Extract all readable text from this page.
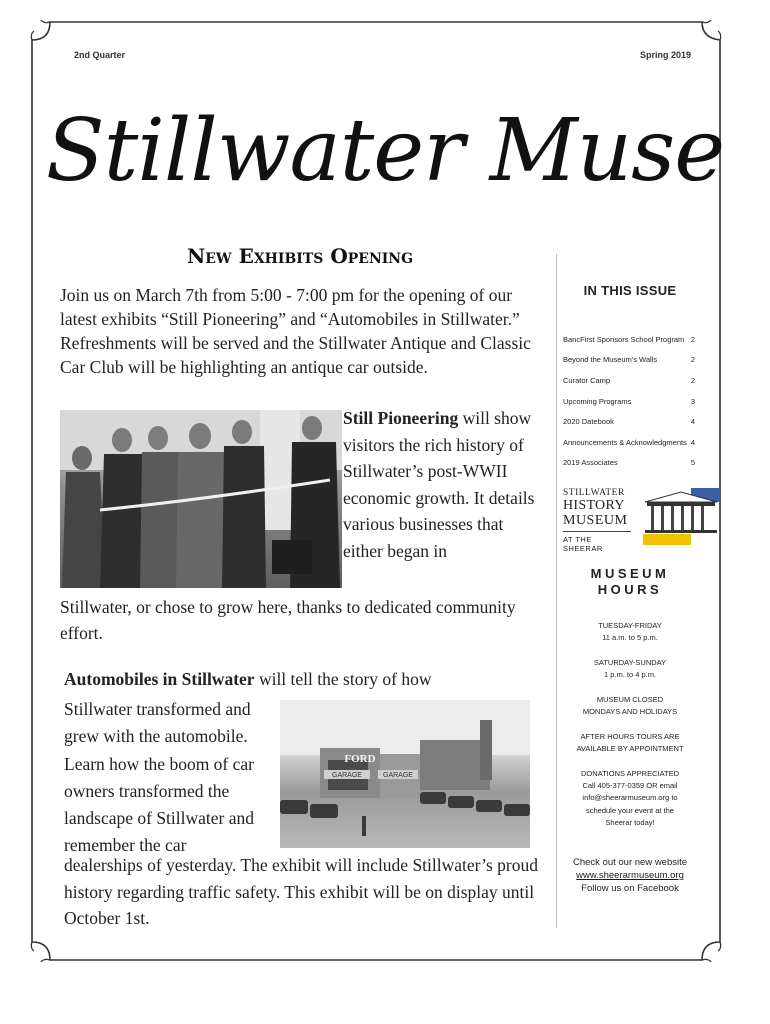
2nd Quarter	Spring 2019
Stillwater Muse
New Exhibits Opening
Join us on March 7th from 5:00 - 7:00 pm for the opening of our latest exhibits “Still Pioneering” and “Automobiles in Stillwater.” Refreshments will be served and the Stillwater Antique and Classic Car Club will be highlighting an antique car outside.
Still Pioneering will show visitors the rich history of Stillwater’s post-WWII economic growth. It details various businesses that either began in
Stillwater, or chose to grow here, thanks to dedicated community effort.
Automobiles in Stillwater will tell the story of how
Stillwater transformed and grew with the automobile. Learn how the boom of car owners transformed the landscape of Stillwater and remember the car
GARAGE	GARAGE
FORD
dealerships of yesterday. The exhibit will include Stillwater’s proud history regarding traffic safety. This exhibit will be on display until October 1st.
IN THIS ISSUE
BancFirst Sponsors School Program 2
Beyond the Museum's Walls	2
Curator Camp	2
Upcoming Programs	3
2020 Datebook	4
Announcements & Acknowledgments 4
2019 Associates	5
STILLWATER
HISTORY
MUSEUM
AT THE SHEERAR
MUSEUM
HOURS
TUESDAY-FRIDAY
11 a.m. to 5 p.m.
SATURDAY-SUNDAY
1 p.m. to 4 p.m.
MUSEUM CLOSED
MONDAYS AND HOLIDAYS
AFTER HOURS TOURS ARE
AVAILABLE BY APPOINTMENT
DONATIONS APPRECIATED
Call 405-377-0359 OR email
info@sheerarmuseum.org to
schedule your event at the
Sheerar today!
Check out our new website
www.sheerarmuseum.org
Follow us on Facebook
